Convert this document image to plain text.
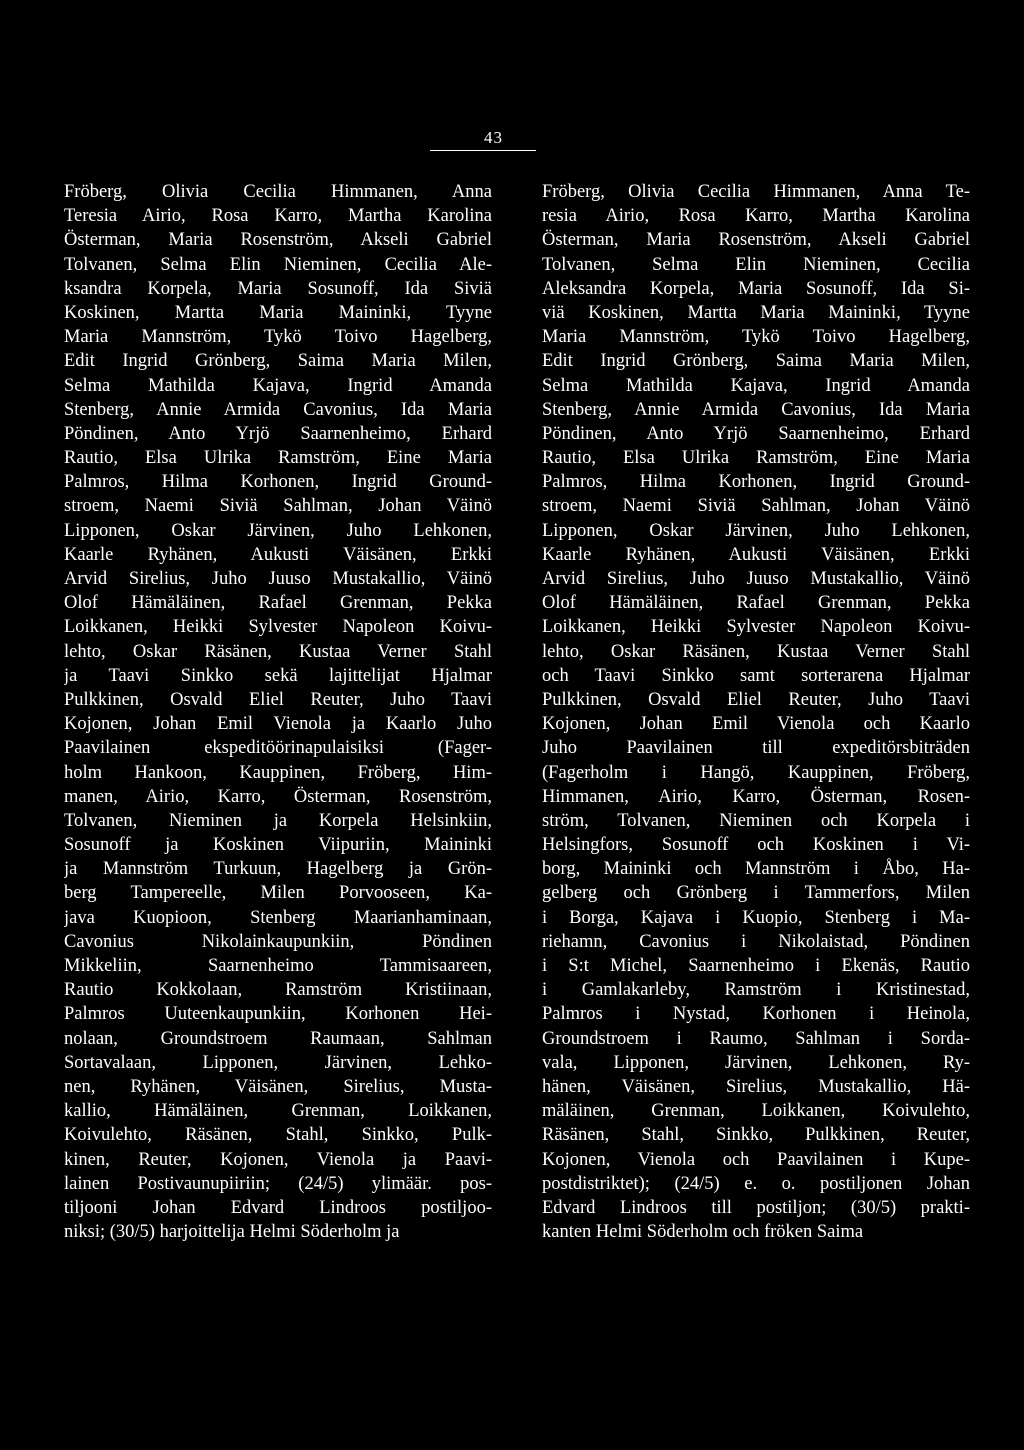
43
Fröberg, Olivia Cecilia Himmanen, Anna
Teresia Airio, Rosa Karro, Martha Karolina
Österman, Maria Rosenström, Akseli Gabriel
Tolvanen, Selma Elin Nieminen, Cecilia Ale-
ksandra Korpela, Maria Sosunoff, Ida Siviä
Koskinen, Martta Maria Maininki, Tyyne
Maria Mannström, Tykö Toivo Hagelberg,
Edit Ingrid Grönberg, Saima Maria Milen,
Selma Mathilda Kajava, Ingrid Amanda
Stenberg, Annie Armida Cavonius, Ida Maria
Pöndinen, Anto Yrjö Saarnenheimo, Erhard
Rautio, Elsa Ulrika Ramström, Eine Maria
Palmros, Hilma Korhonen, Ingrid Ground-
stroem, Naemi Siviä Sahlman, Johan Väinö
Lipponen, Oskar Järvinen, Juho Lehkonen,
Kaarle Ryhänen, Aukusti Väisänen, Erkki
Arvid Sirelius, Juho Juuso Mustakallio, Väinö
Olof Hämäläinen, Rafael Grenman, Pekka
Loikkanen, Heikki Sylvester Napoleon Koivu-
lehto, Oskar Räsänen, Kustaa Verner Stahl
ja Taavi Sinkko sekä lajittelijat Hjalmar
Pulkkinen, Osvald Eliel Reuter, Juho Taavi
Kojonen, Johan Emil Vienola ja Kaarlo Juho
Paavilainen ekspeditöörinapulaisiksi (Fager-
holm Hankoon, Kauppinen, Fröberg, Him-
manen, Airio, Karro, Österman, Rosenström,
Tolvanen, Nieminen ja Korpela Helsinkiin,
Sosunoff ja Koskinen Viipuriin, Maininki
ja Mannström Turkuun, Hagelberg ja Grön-
berg Tampereelle, Milen Porvooseen, Ka-
java Kuopioon, Stenberg Maarianhaminaan,
Cavonius Nikolainkaupunkiin, Pöndinen
Mikkeliin, Saarnenheimo Tammisaareen,
Rautio Kokkolaan, Ramström Kristiinaan,
Palmros Uuteenkaupunkiin, Korhonen Hei-
nolaan, Groundstroem Raumaan, Sahlman
Sortavalaan, Lipponen, Järvinen, Lehko-
nen, Ryhänen, Väisänen, Sirelius, Musta-
kallio, Hämäläinen, Grenman, Loikkanen,
Koivulehto, Räsänen, Stahl, Sinkko, Pulk-
kinen, Reuter, Kojonen, Vienola ja Paavi-
lainen Postivaunupiiriin; (24/5) ylimäär. pos-
tiljooni Johan Edvard Lindroos postiljoo-
niksi; (30/5) harjoittelija Helmi Söderholm ja
Fröberg, Olivia Cecilia Himmanen, Anna Te-
resia Airio, Rosa Karro, Martha Karolina
Österman, Maria Rosenström, Akseli Gabriel
Tolvanen, Selma Elin Nieminen, Cecilia
Aleksandra Korpela, Maria Sosunoff, Ida Si-
viä Koskinen, Martta Maria Maininki, Tyyne
Maria Mannström, Tykö Toivo Hagelberg,
Edit Ingrid Grönberg, Saima Maria Milen,
Selma Mathilda Kajava, Ingrid Amanda
Stenberg, Annie Armida Cavonius, Ida Maria
Pöndinen, Anto Yrjö Saarnenheimo, Erhard
Rautio, Elsa Ulrika Ramström, Eine Maria
Palmros, Hilma Korhonen, Ingrid Ground-
stroem, Naemi Siviä Sahlman, Johan Väinö
Lipponen, Oskar Järvinen, Juho Lehkonen,
Kaarle Ryhänen, Aukusti Väisänen, Erkki
Arvid Sirelius, Juho Juuso Mustakallio, Väinö
Olof Hämäläinen, Rafael Grenman, Pekka
Loikkanen, Heikki Sylvester Napoleon Koivu-
lehto, Oskar Räsänen, Kustaa Verner Stahl
och Taavi Sinkko samt sorterarena Hjalmar
Pulkkinen, Osvald Eliel Reuter, Juho Taavi
Kojonen, Johan Emil Vienola och Kaarlo
Juho Paavilainen till expeditörsbiträden
(Fagerholm i Hangö, Kauppinen, Fröberg,
Himmanen, Airio, Karro, Österman, Rosen-
ström, Tolvanen, Nieminen och Korpela i
Helsingfors, Sosunoff och Koskinen i Vi-
borg, Maininki och Mannström i Åbo, Ha-
gelberg och Grönberg i Tammerfors, Milen
i Borga, Kajava i Kuopio, Stenberg i Ma-
riehamn, Cavonius i Nikolaistad, Pöndinen
i S:t Michel, Saarnenheimo i Ekenäs, Rautio
i Gamlakarleby, Ramström i Kristinestad,
Palmros i Nystad, Korhonen i Heinola,
Groundstroem i Raumo, Sahlman i Sorda-
vala, Lipponen, Järvinen, Lehkonen, Ry-
hänen, Väisänen, Sirelius, Mustakallio, Hä-
mäläinen, Grenman, Loikkanen, Koivulehto,
Räsänen, Stahl, Sinkko, Pulkkinen, Reuter,
Kojonen, Vienola och Paavilainen i Kupe-
postdistriktet); (24/5) e. o. postiljonen Johan
Edvard Lindroos till postiljon; (30/5) prakti-
kanten Helmi Söderholm och fröken Saima
